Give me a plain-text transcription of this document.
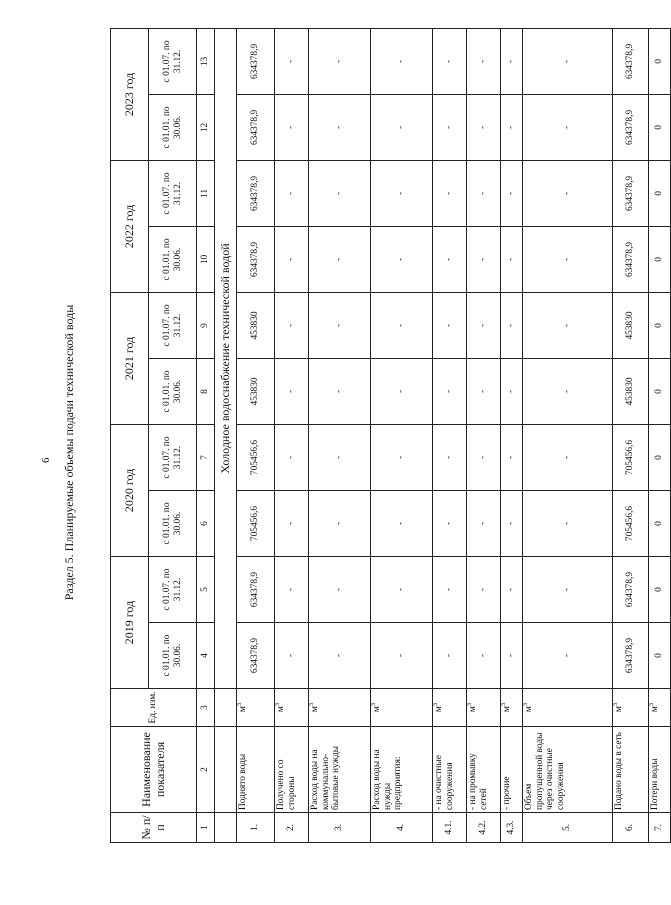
6 Раздел 5. Планируемые объемы подачи технической воды
№ п/п	Наименование показателя	Ед. изм.	2019 год		2020 год		2021 год		2022 год		2023 год	
			с 01.01. по 30.06.	с 01.07. по 31.12.	с 01.01. по 30.06.	с 01.07. по 31.12.	с 01.01. по 30.06.	с 01.07. по 31.12.	с 01.01. по 30.06.	с 01.07. по 31.12.	с 01.01. по 30.06.	с 01.07. по 31.12.
1	2	3	4	5	6	7	8	9	10	11	12	13
			Холодное водоснабжение технической водой									
1.	Поднято воды	$м^3$	634378,9	634378,9	705456,6	705456,6	453830	453830	634378,9	634378,9	634378,9	634378,9
2.	Получено со стороны	$м^3$	-	-	-	-	-	-	-	-	-	-
3.	Расход воды на коммунально-бытовые нужды	$м^3$	-	-	-	-	-	-	-	-	-	-
4.	Расход воды на нужды предприятия:	$м^3$	-	-	-	-	-	-	-	-	-	-
4.1.	- на очистные сооружения	$м^3$	-	-	-	-	-	-	-	-	-	-
4.2.	- на промывку сетей	$м^3$	-	-	-	-	-	-	-	-	-	-
4.3.	- прочие	$м^3$	-	-	-	-	-	-	-	-	-	-
5.	Объем пропущенной воды через очистные сооружения	$м^3$	-	-	-	-	-	-	-	-	-	-
6.	Подано воды в сеть	$м^3$	634378,9	634378,9	705456,6	705456,6	453830	453830	634378,9	634378,9	634378,9	634378,9
7.	Потери воды	$м^3$	0	0	0	0	0	0	0	0	0	0
